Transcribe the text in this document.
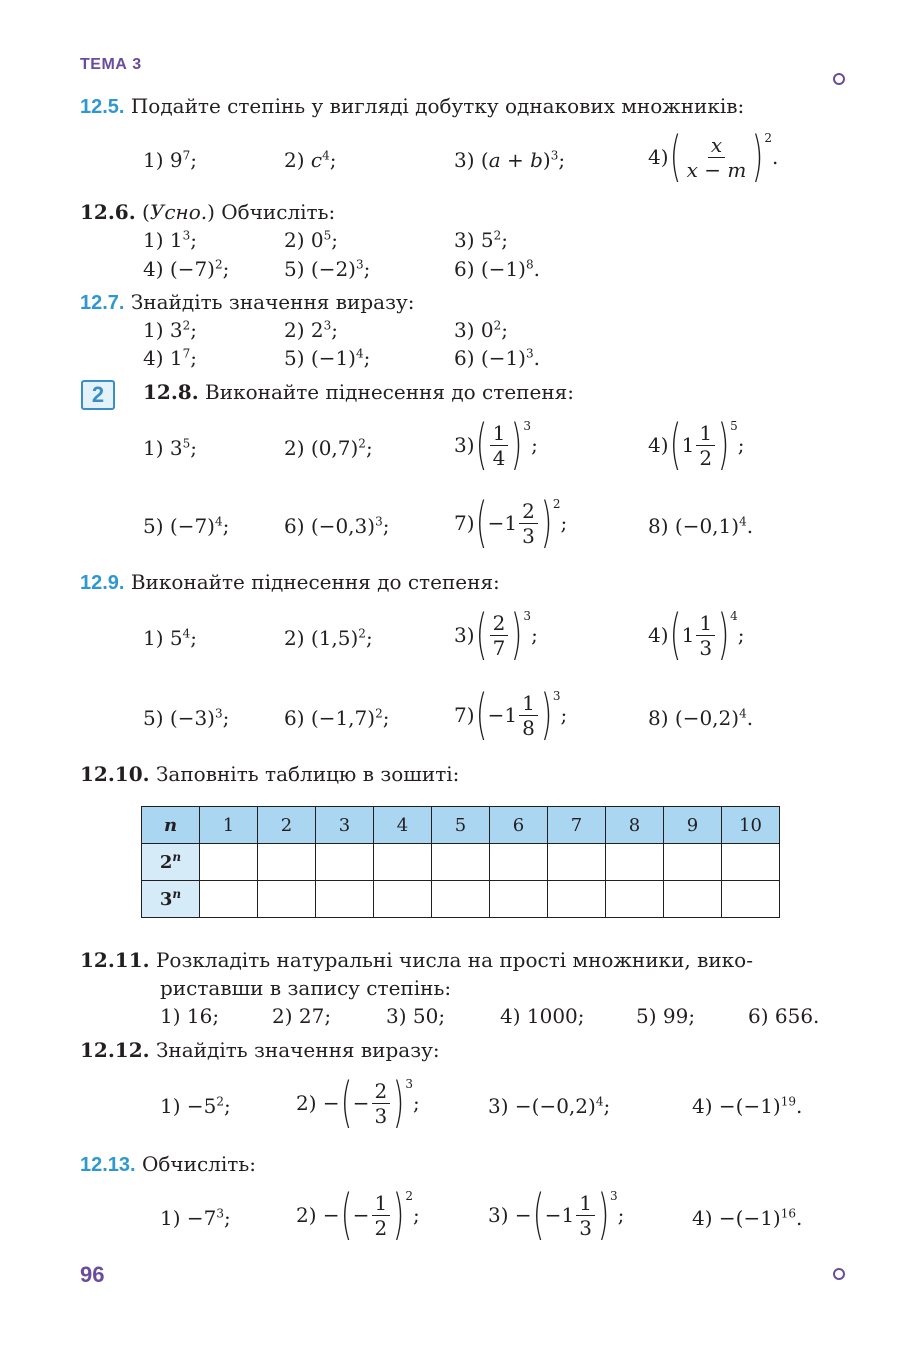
ТЕМА 3
12.5. Подайте степінь у вигляді добутку однакових множників:
1) $9^7$;	2) $c^4$;	3) $(a + b)^3$;	4) ( $\frac{x}{x - m}$ ) 2
.
12.6. (Усно.) Обчисліть:
1) $1^3$;	2) $0^5$;	3) $5^2$;
4) $(-7)^2$;	5) $(-2)^3$;	6) $(-1)^8$.
12.7. Знайдіть значення виразу:
1) $3^2$;	2) $2^3$;	3) $0^2$;
4) $1^7$;	5) $(-1)^4$;	6) $(-1)^3$.
2	12.8. Виконайте піднесення до степеня:
1) $3^5$;	2) $(0,7)^2$;	3) ( $\frac{1}{4}$ ) 3
;	4) ( $1 \frac{1}{2}$ ) 5
;
5) $(-7)^4$;	6) $(-0,3)^3$;	7) ( $-1 \frac{2}{3}$ ) 2
;	8) $(-0,1)^4$.
12.9. Виконайте піднесення до степеня:
1) $5^4$;	2) $(1,5)^2$;	3) ( $\frac{2}{7}$ ) 3
;	4) ( $1 \frac{1}{3}$ ) 4
;
5) $(-3)^3$;	6) $(-1,7)^2$;	7) ( $-1 \frac{1}{8}$ ) 3
;	8) $(-0,2)^4$.
12.10. Заповніть таблицю в зошиті:
n	1	2	3	4	5	6	7	8	9	10
2$^n$										
3$^n$										
12.11. Розкладіть натуральні числа на прості множники, вико-
риставши в запису степінь:
1) 16;	2) 27;	3) 50;	4) 1000;	5) 99;	6) 656.
12.12. Знайдіть значення виразу:
$1) -5^2$;	2) − ( − $\frac{2}{3}$ ) 3
;	$3) -(-0,2)^4$;	$4) -(-1)^{19}$.
12.13. Обчисліть:
$1) -7^3$;	2) − ( − $\frac{1}{2}$ ) 2
;	3) − ( $-1 \frac{1}{3}$ ) 3
;	$4) -(-1)^{16}$.
96
